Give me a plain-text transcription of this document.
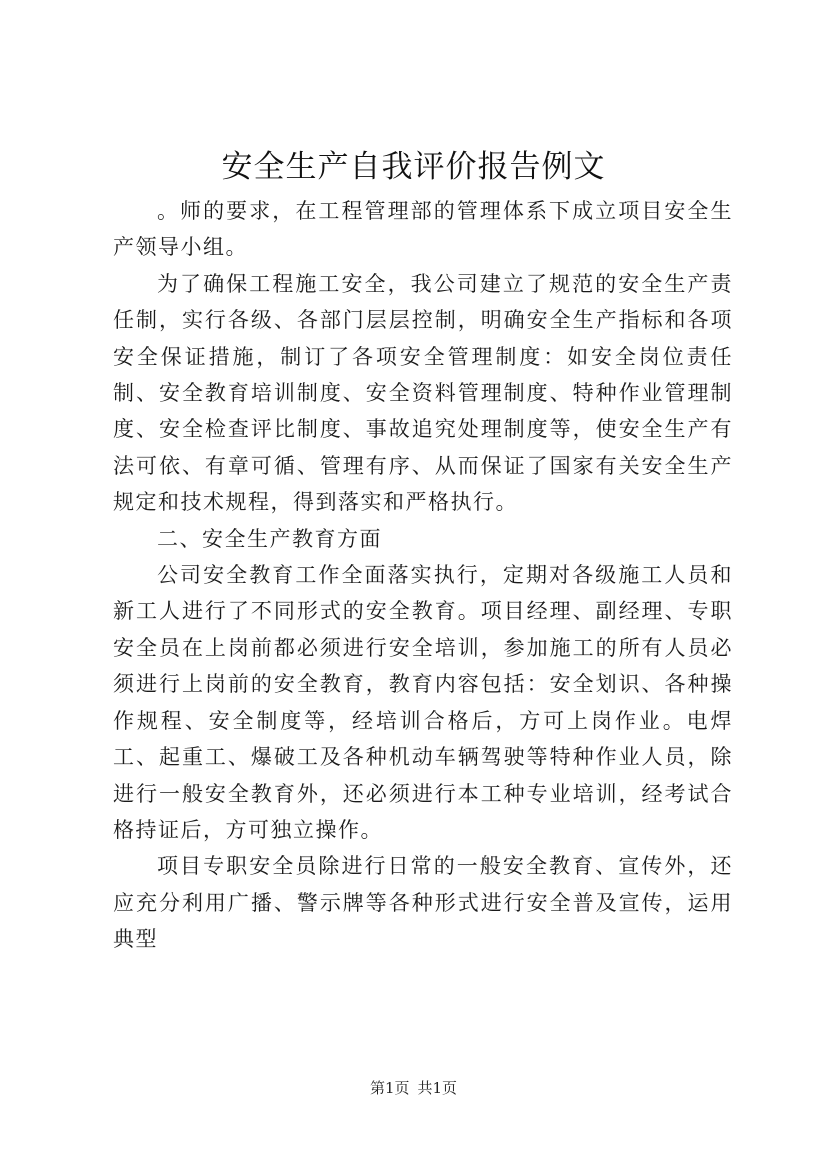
安全生产自我评价报告例文

。师的要求，在工程管理部的管理体系下成立项目安全生产领导小组。

为了确保工程施工安全，我公司建立了规范的安全生产责任制，实行各级、各部门层层控制，明确安全生产指标和各项安全保证措施，制订了各项安全管理制度：如安全岗位责任制、安全教育培训制度、安全资料管理制度、特种作业管理制度、安全检查评比制度、事故追究处理制度等，使安全生产有法可依、有章可循、管理有序、从而保证了国家有关安全生产规定和技术规程，得到落实和严格执行。

二、安全生产教育方面

公司安全教育工作全面落实执行，定期对各级施工人员和新工人进行了不同形式的安全教育。项目经理、副经理、专职安全员在上岗前都必须进行安全培训，参加施工的所有人员必须进行上岗前的安全教育，教育内容包括：安全划识、各种操作规程、安全制度等，经培训合格后，方可上岗作业。电焊工、起重工、爆破工及各种机动车辆驾驶等特种作业人员，除进行一般安全教育外，还必须进行本工种专业培训，经考试合格持证后，方可独立操作。

项目专职安全员除进行日常的一般安全教育、宣传外，还应充分利用广播、警示牌等各种形式进行安全普及宣传，运用典型

第1页 共1页
